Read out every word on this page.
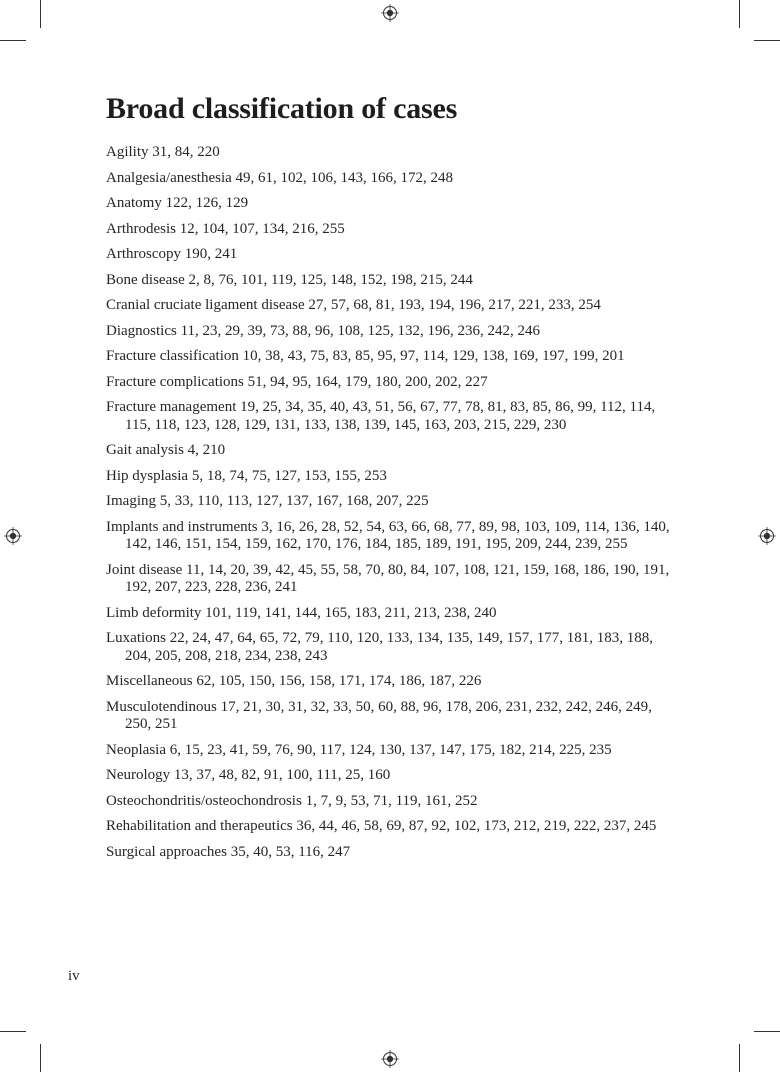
Broad classification of cases
Agility 31, 84, 220
Analgesia/anesthesia 49, 61, 102, 106, 143, 166, 172, 248
Anatomy 122, 126, 129
Arthrodesis 12, 104, 107, 134, 216, 255
Arthroscopy 190, 241
Bone disease 2, 8, 76, 101, 119, 125, 148, 152, 198, 215, 244
Cranial cruciate ligament disease 27, 57, 68, 81, 193, 194, 196, 217, 221, 233, 254
Diagnostics 11, 23, 29, 39, 73, 88, 96, 108, 125, 132, 196, 236, 242, 246
Fracture classification 10, 38, 43, 75, 83, 85, 95, 97, 114, 129, 138, 169, 197, 199, 201
Fracture complications 51, 94, 95, 164, 179, 180, 200, 202, 227
Fracture management 19, 25, 34, 35, 40, 43, 51, 56, 67, 77, 78, 81, 83, 85, 86, 99, 112, 114, 115, 118, 123, 128, 129, 131, 133, 138, 139, 145, 163, 203, 215, 229, 230
Gait analysis 4, 210
Hip dysplasia 5, 18, 74, 75, 127, 153, 155, 253
Imaging 5, 33, 110, 113, 127, 137, 167, 168, 207, 225
Implants and instruments 3, 16, 26, 28, 52, 54, 63, 66, 68, 77, 89, 98, 103, 109, 114, 136, 140, 142, 146, 151, 154, 159, 162, 170, 176, 184, 185, 189, 191, 195, 209, 244, 239, 255
Joint disease 11, 14, 20, 39, 42, 45, 55, 58, 70, 80, 84, 107, 108, 121, 159, 168, 186, 190, 191, 192, 207, 223, 228, 236, 241
Limb deformity 101, 119, 141, 144, 165, 183, 211, 213, 238, 240
Luxations 22, 24, 47, 64, 65, 72, 79, 110, 120, 133, 134, 135, 149, 157, 177, 181, 183, 188, 204, 205, 208, 218, 234, 238, 243
Miscellaneous 62, 105, 150, 156, 158, 171, 174, 186, 187, 226
Musculotendinous 17, 21, 30, 31, 32, 33, 50, 60, 88, 96, 178, 206, 231, 232, 242, 246, 249, 250, 251
Neoplasia 6, 15, 23, 41, 59, 76, 90, 117, 124, 130, 137, 147, 175, 182, 214, 225, 235
Neurology 13, 37, 48, 82, 91, 100, 111, 25, 160
Osteochondritis/osteochondrosis 1, 7, 9, 53, 71, 119, 161, 252
Rehabilitation and therapeutics 36, 44, 46, 58, 69, 87, 92, 102, 173, 212, 219, 222, 237, 245
Surgical approaches 35, 40, 53, 116, 247
iv
